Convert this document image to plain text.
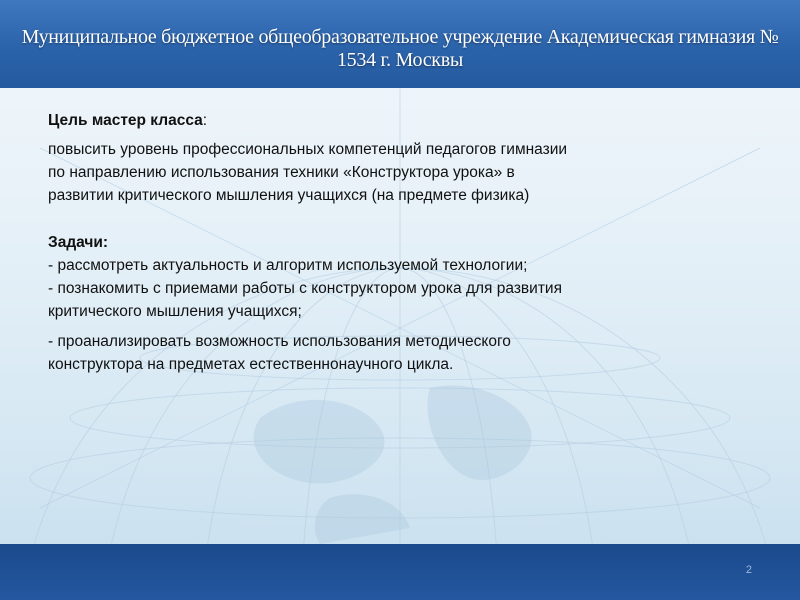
Муниципальное бюджетное общеобразовательное учреждение Академическая гимназия № 1534 г. Москвы

Цель мастер класса:

повысить уровень профессиональных компетенций педагогов гимназии
по направлению использования техники «Конструктора урока» в
развитии критического мышления учащихся (на предмете физика)

Задачи:

- рассмотреть актуальность и алгоритм используемой технологии;

- познакомить с приемами работы с конструктором урока для развития
критического мышления учащихся;

- проанализировать возможность использования методического
конструктора на предметах естественнонаучного цикла.

2
